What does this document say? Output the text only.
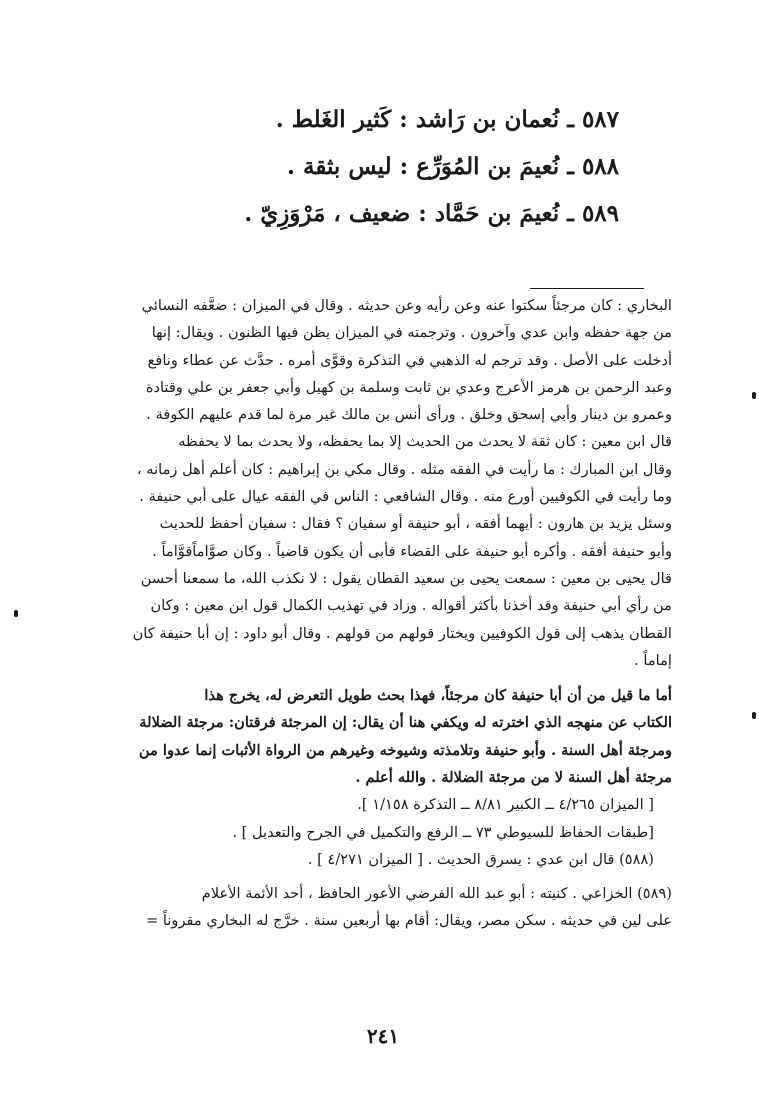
٥٨٧ ـ نُعمان بن رَاشد : كَثير الغَلط .

٥٨٨ ـ نُعيمَ بن المُوَرِّع : ليس بثقة .

٥٨٩ ـ نُعيمَ بن حَمَّاد : ضعيف ، مَرْوَزِيّ .

البخاري : كان مرجئاً سكتوا عنه وعن رأيه وعن حديثه . وقال في الميزان : ضعَّفه النسائي

من جهة حفظه وابن عدي وآخرون . وترجمته في الميزان يظن فيها الظنون . ويقال: إنها

أدخلت على الأصل . وقد ترجم له الذهبي في التذكرة وقوَّى أمره . حدَّث عن عطاء ونافع

وعبد الرحمن بن هرمز الأعرج وعدي بن ثابت وسلمة بن كهيل وأبي جعفر بن علي وقتادة

وعمرو بن دينار وأبي إسحق وخلق . ورأى أنس بن مالك غير مرة لما قدم عليهم الكوفة .

قال ابن معين : كان ثقة لا يحدث من الحديث إلا بما يحفظه، ولا يحدث بما لا يحفظه

وقال ابن المبارك : ما رأيت في الفقه مثله . وقال مكي بن إبراهيم : كان أعلم أهل زمانه ،

وما رأيت في الكوفيين أورع منه . وقال الشافعي : الناس في الفقه عيال على أبي حنيفة .

وسئل يزيد بن هارون : أيهما أفقه ، أبو حنيفة أو سفيان ؟ فقال : سفيان أحفظ للحديث

وأبو حنيفة أفقه . وأكره أبو حنيفة على القضاء فأبى أن يكون قاضياً . وكان صوَّاماًقوَّاماً .

قال يحيى بن معين : سمعت يحيى بن سعيد القطان يقول : لا نكذب الله، ما سمعنا أحسن

من رأي أبي حنيفة وقد أخذنا بأكثر أقواله . وزاد في تهذيب الكمال قول ابن معين : وكان

القطان يذهب إلى قول الكوفيين ويختار قولهم من قولهم . وقال أبو داود : إن أبا حنيفة كان

إماماً .

أما ما قيل من أن أبا حنيفة كان مرجئاً، فهذا بحث طويل التعرض له، يخرج هذا

الكتاب عن منهجه الذي اخترته له ويكفي هنا أن يقال: إن المرجئة فرقتان: مرجئة الضلالة

ومرجئة أهل السنة . وأبو حنيفة وتلامذته وشيوخه وغيرهم من الرواة الأثبات إنما عدوا من

مرجئة أهل السنة لا من مرجئة الضلالة . والله أعلم .

[ الميزان ٤/٢٦٥ ــ الكبير ٨/٨١ ــ التذكرة ١/١٥٨ ].

[طبقات الحفاظ للسيوطي ٧٣ ــ الرفع والتكميل في الجرح والتعديل ] .

(٥٨٨) قال ابن عدي : يسرق الحديث . [ الميزان ٤/٢٧١ ] .

(٥٨٩) الخزاعي . كنيته : أبو عبد الله الفرضي الأعور الحافظ ، أحد الأئمة الأعلام

على لين في حديثه . سكن مصر، ويقال: أقام بها أربعين سنة . خرَّج له البخاري مقروناً =

٢٤١
